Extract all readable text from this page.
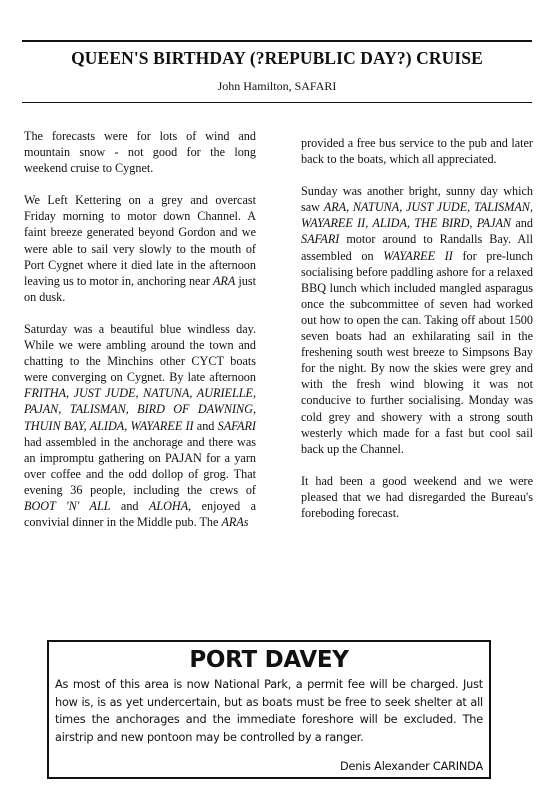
QUEEN'S BIRTHDAY (?REPUBLIC DAY?) CRUISE
John Hamilton, SAFARI

The forecasts were for lots of wind and mountain snow - not good for the long weekend cruise to Cygnet.

We Left Kettering on a grey and overcast Friday morning to motor down Channel. A faint breeze generated beyond Gordon and we were able to sail very slowly to the mouth of Port Cygnet where it died late in the afternoon leaving us to motor in, anchoring near ARA just on dusk.

Saturday was a beautiful blue windless day. While we were ambling around the town and chatting to the Minchins other CYCT boats were converging on Cygnet. By late afternoon FRITHA, JUST JUDE, NATUNA, AURIELLE, PAJAN, TALISMAN, BIRD OF DAWNING, THUIN BAY, ALIDA, WAYAREE II and SAFARI had assembled in the anchorage and there was an impromptu gathering on PAJAN for a yarn over coffee and the odd dollop of grog. That evening 36 people, including the crews of BOOT 'N' ALL and ALOHA, enjoyed a convivial dinner in the Middle pub. The ARAs

provided a free bus service to the pub and later back to the boats, which all appreciated.

Sunday was another bright, sunny day which saw ARA, NATUNA, JUST JUDE, TALISMAN, WAYAREE II, ALIDA, THE BIRD, PAJAN and SAFARI motor around to Randalls Bay. All assembled on WAYAREE II for pre-lunch socialising before paddling ashore for a relaxed BBQ lunch which included mangled asparagus once the subcommittee of seven had worked out how to open the can. Taking off about 1500 seven boats had an exhilarating sail in the freshening south west breeze to Simpsons Bay for the night. By now the skies were grey and with the fresh wind blowing it was not conducive to further socialising. Monday was cold grey and showery with a strong south westerly which made for a fast but cool sail back up the Channel.

It had been a good weekend and we were pleased that we had disregarded the Bureau's foreboding forecast.

PORT DAVEY
As most of this area is now National Park, a permit fee will be charged. Just how is, is as yet undercertain, but as boats must be free to seek shelter at all times the anchorages and the immediate foreshore will be excluded. The airstrip and new pontoon may be controlled by a ranger.
Denis Alexander CARINDA
